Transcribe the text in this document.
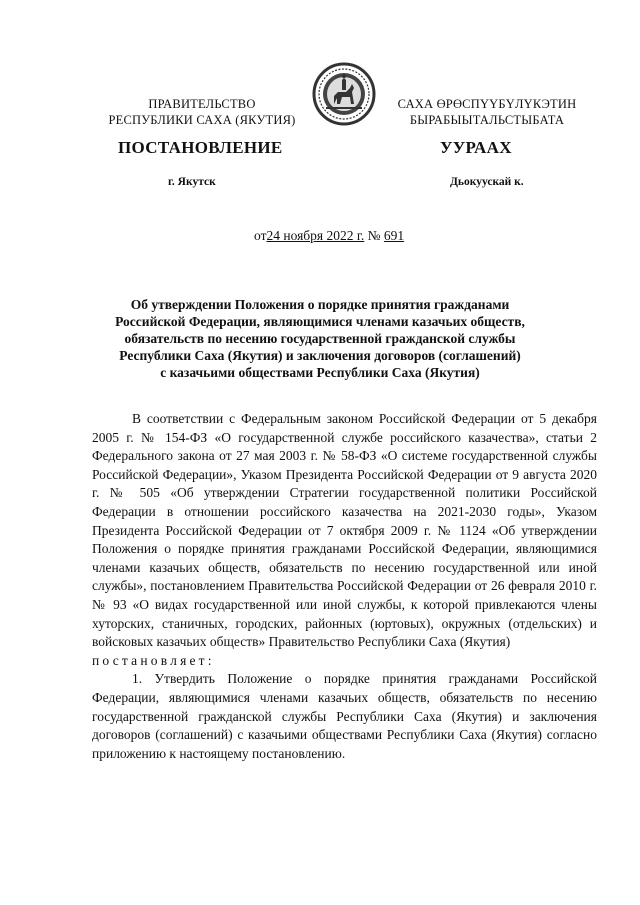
ПРАВИТЕЛЬСТВО
РЕСПУБЛИКИ САХА (ЯКУТИЯ)
САХА ӨРӨСПҮҮБҮЛҮКЭТИН
БЫРАБЫЫТАЛЬСТЫБАТА
ПОСТАНОВЛЕНИЕ	УУРААХ
г. Якутск	Дьокуускай к.
от24 ноября 2022 г. № 691
Об утверждении Положения о порядке принятия гражданами
Российской Федерации, являющимися членами казачьих обществ,
обязательств по несению государственной гражданской службы
Республики Саха (Якутия) и заключения договоров (соглашений)
с казачьими обществами Республики Саха (Якутия)

В соответствии с Федеральным законом Российской Федерации от 5 декабря 2005 г. № 154-ФЗ «О государственной службе российского казачества», статьи 2 Федерального закона от 27 мая 2003 г. № 58-ФЗ «О системе государственной службы Российской Федерации», Указом Президента Российской Федерации от 9 августа 2020 г. № 505 «Об утверждении Стратегии государственной политики Российской Федерации в отношении российского казачества на 2021-2030 годы», Указом Президента Российской Федерации от 7 октября 2009 г. № 1124 «Об утверждении Положения о порядке принятия гражданами Российской Федерации, являющимися членами казачьих обществ, обязательств по несению государственной или иной службы», постановлением Правительства Российской Федерации от 26 февраля 2010 г. № 93 «О видах государственной или иной службы, к которой привлекаются члены хуторских, станичных, городских, районных (юртовых), окружных (отдельских) и войсковых казачьих обществ» Правительство Республики Саха (Якутия)

постановляет:

1. Утвердить Положение о порядке принятия гражданами Российской Федерации, являющимися членами казачьих обществ, обязательств по несению государственной гражданской службы Республики Саха (Якутия) и заключения договоров (соглашений) с казачьими обществами Республики Саха (Якутия) согласно приложению к настоящему постановлению.
